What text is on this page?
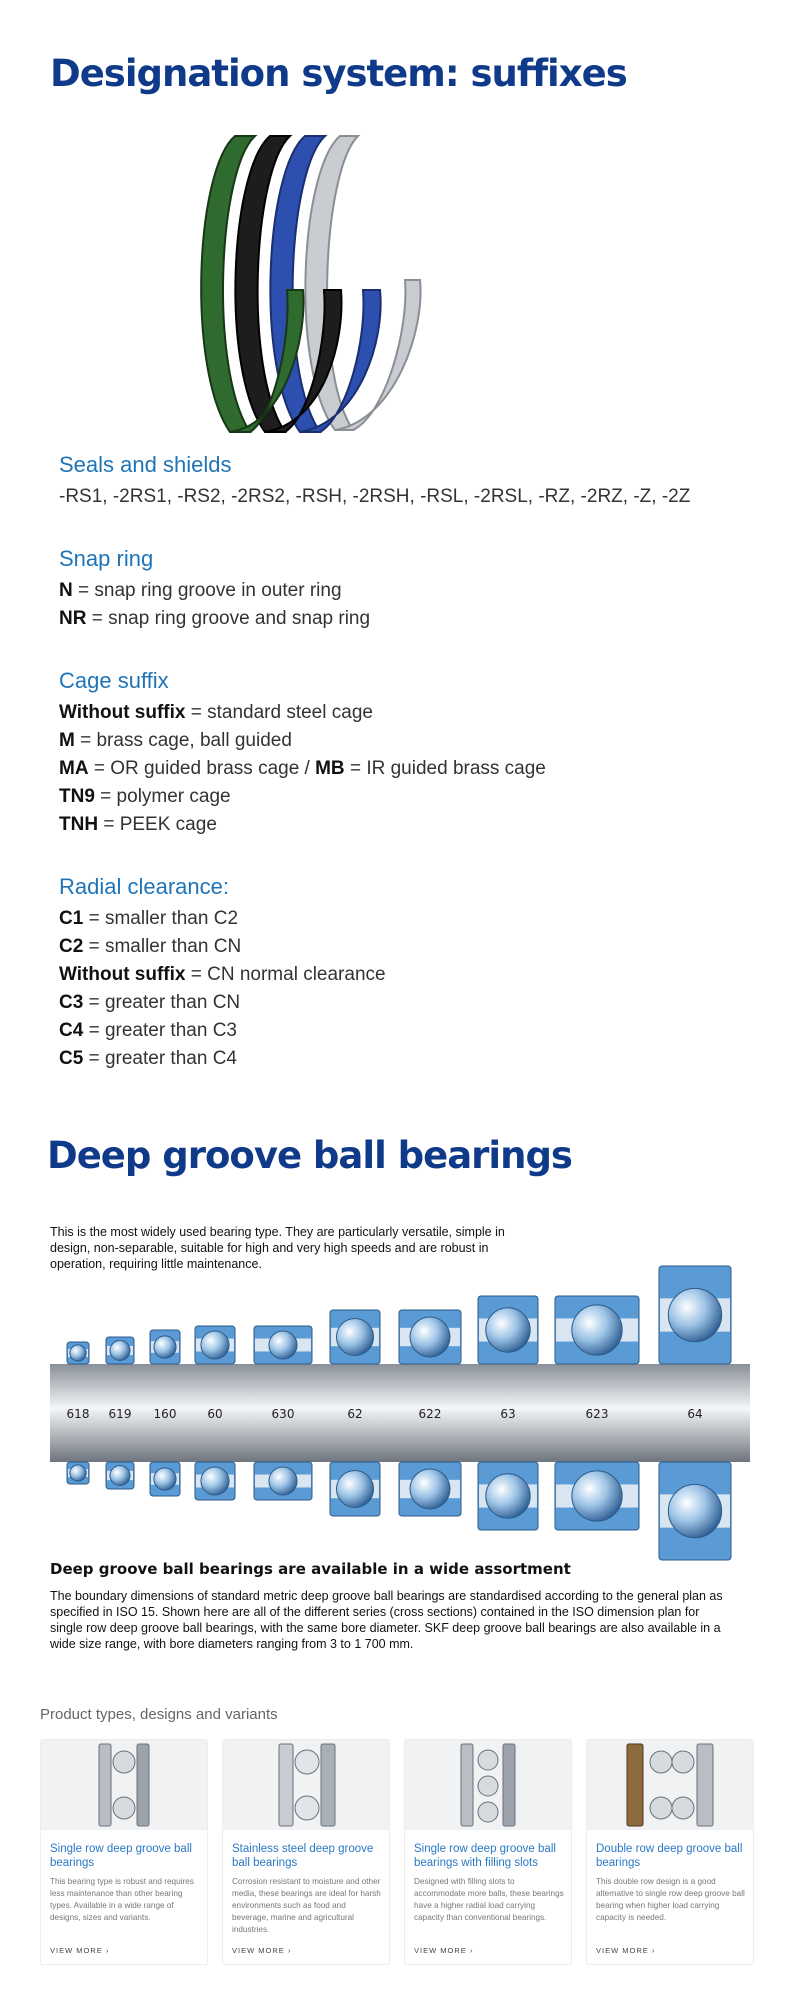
Designation system: suffixes
Seals and shields
-RS1, -2RS1, -RS2, -2RS2, -RSH, -2RSH, -RSL, -2RSL, -RZ, -2RZ, -Z, -2Z
Snap ring
N = snap ring groove in outer ring
NR = snap ring groove and snap ring
Cage suffix
Without suffix = standard steel cage
M = brass cage, ball guided
MA = OR guided brass cage / MB = IR guided brass cage
TN9 = polymer cage
TNH = PEEK cage
Radial clearance:
C1 = smaller than C2
C2 = smaller than CN
Without suffix = CN normal clearance
C3 = greater than CN
C4 = greater than C3
C5 = greater than C4
Deep groove ball bearings
This is the most widely used bearing type. They are particularly versatile, simple in design, non-separable, suitable for high and very high speeds and are robust in operation, requiring little maintenance.
618 619 160	60	630	62	622	63	623	64
Deep groove ball bearings are available in a wide assortment
The boundary dimensions of standard metric deep groove ball bearings are standardised according to the general plan as specified in ISO 15. Shown here are all of the different series (cross sections) contained in the ISO dimension plan for single row deep groove ball bearings, with the same bore diameter. SKF deep groove ball bearings are also available in a wide size range, with bore diameters ranging from 3 to 1 700 mm.
Product types, designs and variants
Single row deep groove ball bearings
This bearing type is robust and requires less maintenance than other bearing types. Available in a wide range of designs, sizes and variants.
VIEW MORE ›
Stainless steel deep groove ball bearings
Corrosion resistant to moisture and other media, these bearings are ideal for harsh environments such as food and beverage, marine and agricultural industries.
VIEW MORE ›
Single row deep groove ball bearings with filling slots
Designed with filling slots to accommodate more balls, these bearings have a higher radial load carrying capacity than conventional bearings.
VIEW MORE ›
Double row deep groove ball bearings
This double row design is a good alternative to single row deep groove ball bearing when higher load carrying capacity is needed.
VIEW MORE ›
